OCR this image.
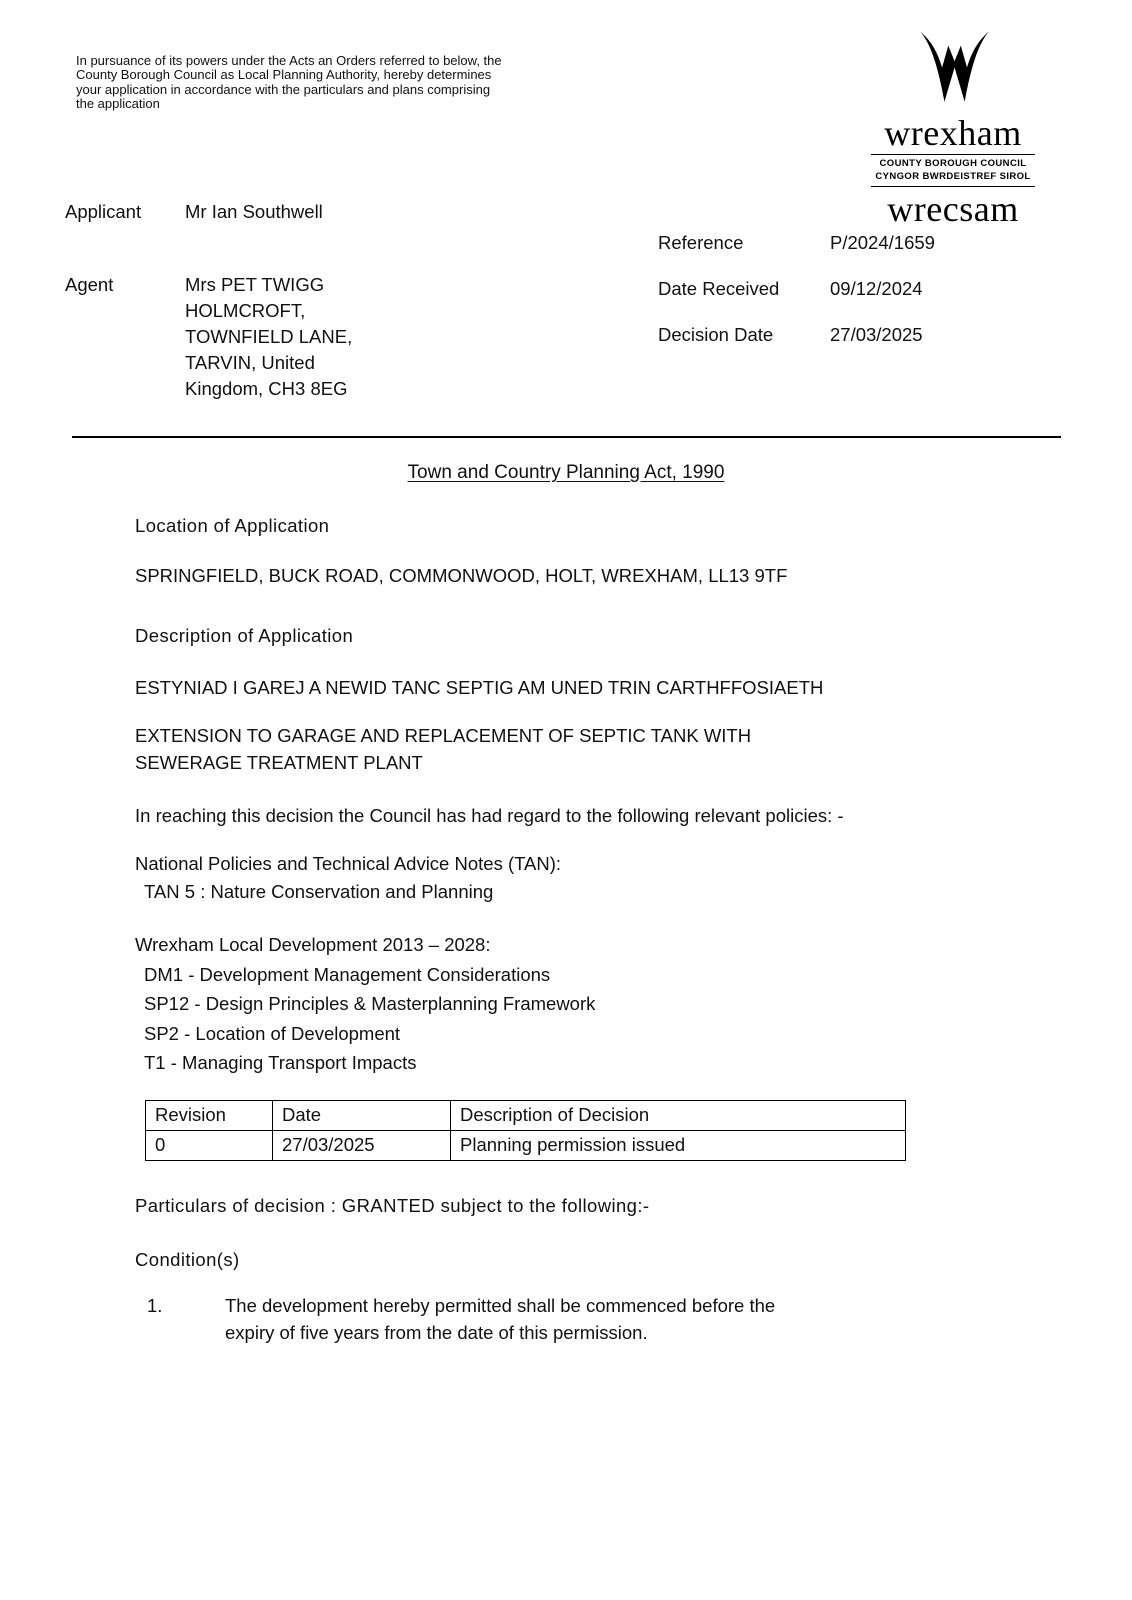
In pursuance of its powers under the Acts an Orders referred to below, the County Borough Council as Local Planning Authority, hereby determines your application in accordance with the particulars and plans comprising the application

wrexham
COUNTY BOROUGH COUNCIL
CYNGOR BWRDEISTREF SIROL
wrecsam
Applicant	Mr Ian Southwell
Agent	Mrs PET TWIGG
HOLMCROFT,
TOWNFIELD LANE,
TARVIN, United
Kingdom, CH3 8EG
Reference	P/2024/1659
Date Received	09/12/2024
Decision Date	27/03/2025
Town and Country Planning Act, 1990
Location of Application
SPRINGFIELD, BUCK ROAD, COMMONWOOD, HOLT, WREXHAM, LL13 9TF
Description of Application
ESTYNIAD I GAREJ A NEWID TANC SEPTIG AM UNED TRIN CARTHFFOSIAETH
EXTENSION TO GARAGE AND REPLACEMENT OF SEPTIC TANK WITH SEWERAGE TREATMENT PLANT
In reaching this decision the Council has had regard to the following relevant policies: -
National Policies and Technical Advice Notes (TAN):
TAN 5 : Nature Conservation and Planning
Wrexham Local Development 2013 – 2028:
DM1 - Development Management Considerations
SP12 - Design Principles & Masterplanning Framework
SP2 - Location of Development
T1 - Managing Transport Impacts
Revision	Date	Description of Decision
0	27/03/2025	Planning permission issued
Particulars of decision : GRANTED subject to the following:-
Condition(s)
1.	The development hereby permitted shall be commenced before the expiry of five years from the date of this permission.
